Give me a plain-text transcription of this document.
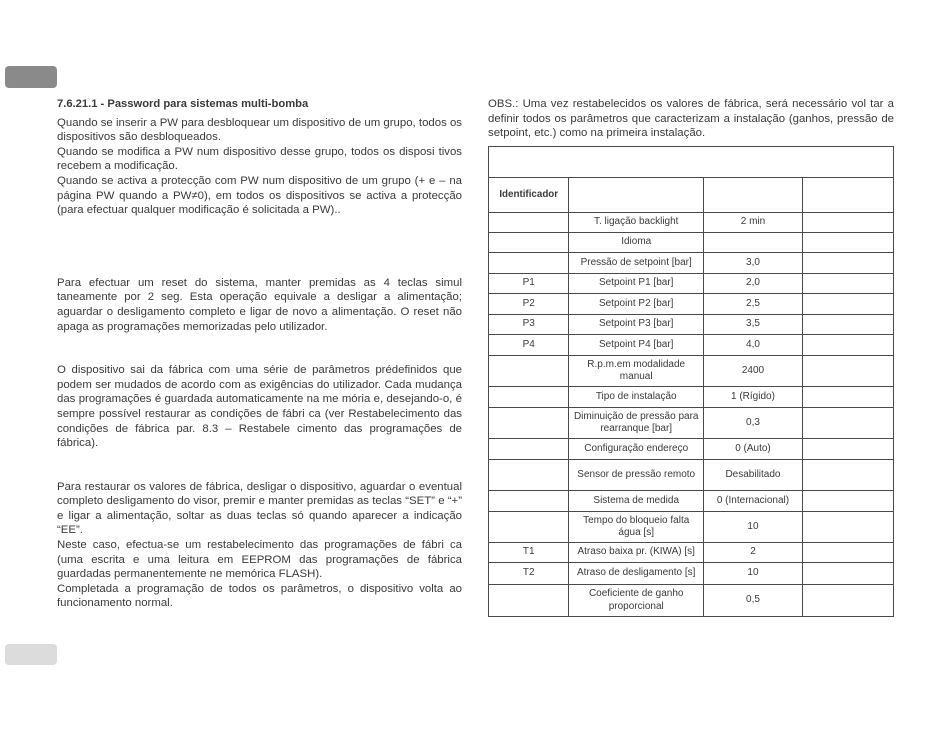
7.6.21.1 - Password para sistemas multi-bomba

Quando se inserir a PW para desbloquear um dispositivo de um grupo, todos os dispositivos são desbloqueados.

Quando se modifica a PW num dispositivo desse grupo, todos os disposi tivos recebem a modificação.

Quando se activa a protecção com PW num dispositivo de um grupo (+ e – na página PW quando a PW≠0), em todos os dispositivos se activa a protecção (para efectuar qualquer modificação é solicitada a PW)..

Para efectuar um reset do sistema, manter premidas as 4 teclas simul taneamente por 2 seg. Esta operação equivale a desligar a alimentação; aguardar o desligamento completo e ligar de novo a alimentação. O reset não apaga as programações memorizadas pelo utilizador.

O dispositivo sai da fábrica com uma série de parâmetros prédefinidos que podem ser mudados de acordo com as exigências do utilizador. Cada mudança das programações é guardada automaticamente na me mória e, desejando-o, é sempre possível restaurar as condições de fábri ca (ver Restabelecimento das condições de fábrica par. 8.3 – Restabele cimento das programações de fábrica).

Para restaurar os valores de fábrica, desligar o dispositivo, aguardar o eventual completo desligamento do visor, premir e manter premidas as teclas “SET” e “+” e ligar a alimentação, soltar as duas teclas só quando aparecer a indicação “EE”.

Neste caso, efectua-se um restabelecimento das programações de fábri ca (uma escrita e uma leitura em EEPROM das programações de fábrica guardadas permanentemente ne memórica FLASH).

Completada a programação de todos os parâmetros, o dispositivo volta ao funcionamento normal.

OBS.: Uma vez restabelecidos os valores de fábrica, será necessário vol tar a definir todos os parâmetros que caracterizam a instalação (ganhos, pressão de setpoint, etc.) como na primeira instalação.

Identificador			
	T. ligação backlight	2 min	
	Idioma		
	Pressão de setpoint [bar]	3,0	
P1	Setpoint P1 [bar]	2,0	
P2	Setpoint P2 [bar]	2,5	
P3	Setpoint P3 [bar]	3,5	
P4	Setpoint P4 [bar]	4,0	
	R.p.m.em modalidade manual	2400	
	Tipo de instalação	1 (Rígido)	
	Diminuição de pressão para rearranque [bar]	0,3	
	Configuração endereço	0 (Auto)	
	Sensor de pressão remoto	Desabilitado	
	Sistema de medida	0 (Internacional)	
	Tempo do bloqueio falta água [s]	10	
T1	Atraso baixa pr. (KIWA) [s]	2	
T2	Atraso de desligamento [s]	10	
	Coeficiente de ganho proporcional	0,5	
